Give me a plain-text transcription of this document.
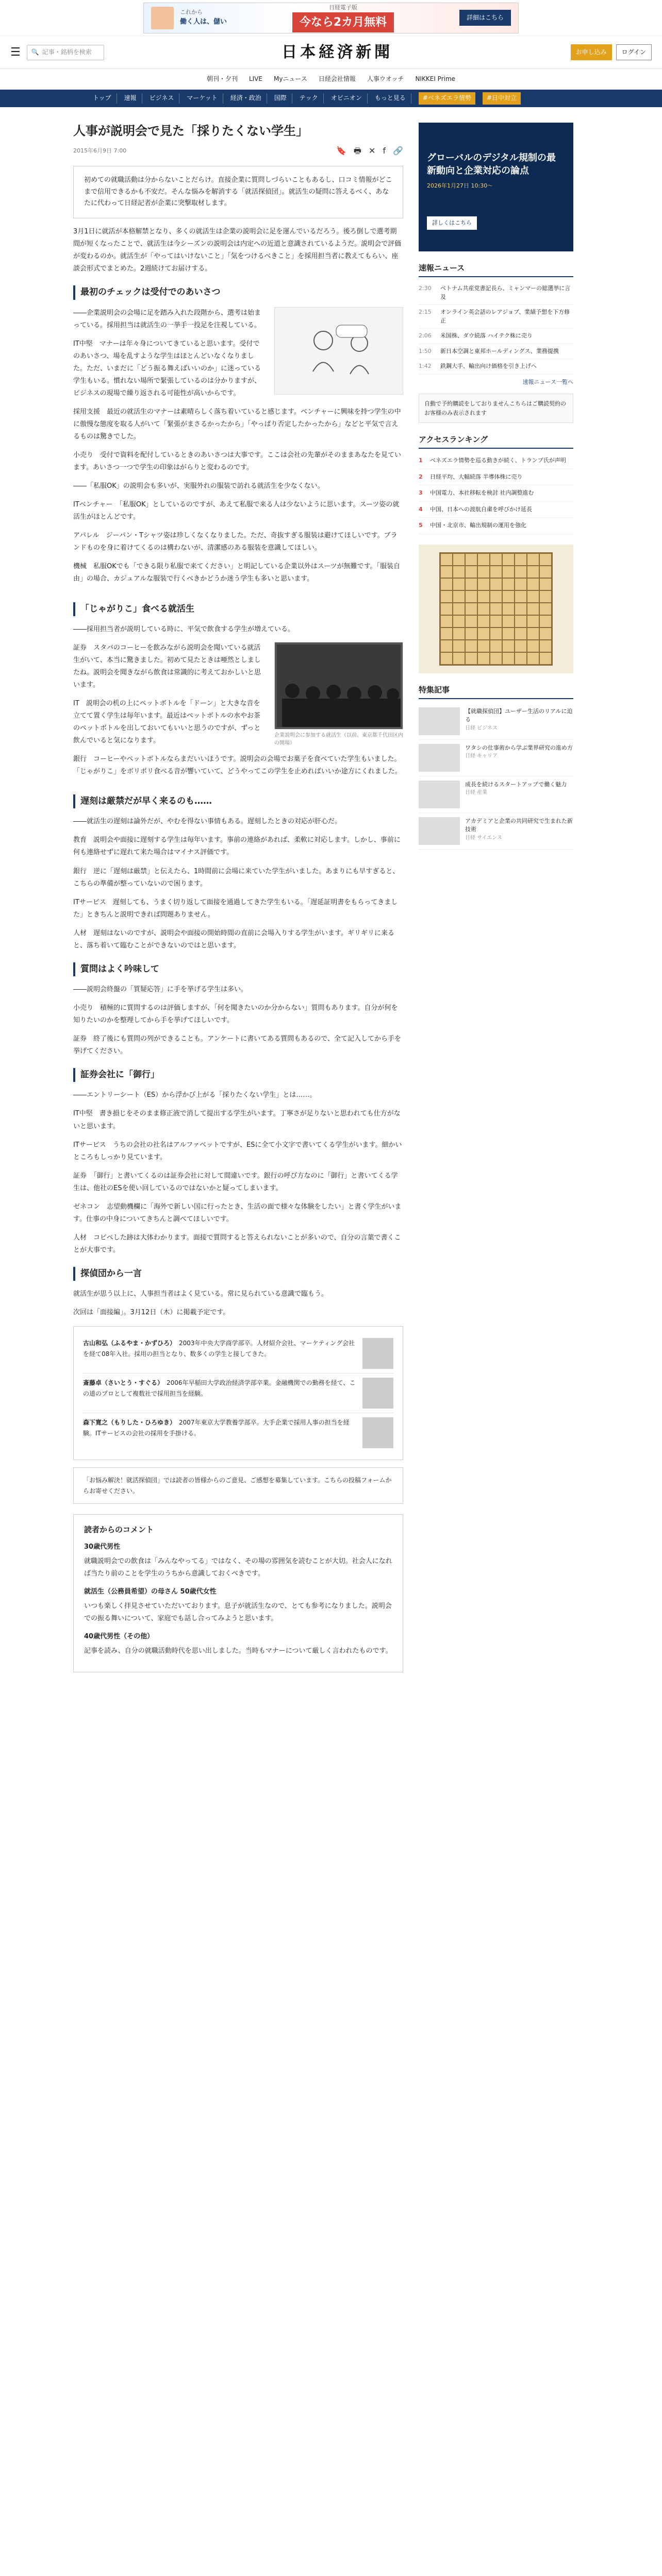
これから
働く人は、儲い
日経電子版
今なら2カ月無料	詳細はこちら
☰ 🔍 記事・銘柄を検索	日本経済新聞	お申し込み	ログイン
朝刊・夕刊 LIVE Myニュース 日経会社情報 人事ウオッチ NIKKEI Prime
トップ	速報	ビジネス	マーケット	経済・政治	国際	テック	オピニオン	もっと見る	#ベネズエラ情勢	#日中対立
人事が説明会で見た「採りたくない学生」
2015年6月9日 7:00	🔖 🖶 ✕ f 🔗
初めての就職活動は分からないことだらけ。直接企業に質問しづらいこともあるし、口コミ情報がどこまで信用できるかも不安だ。そんな悩みを解消する「就活探偵団」。就活生の疑問に答えるべく、あなたに代わって日経記者が企業に突撃取材します。

3月1日に就活が本格解禁となり、多くの就活生は企業の説明会に足を運んでいるだろう。後ろ倒しで選考期間が短くなったことで、就活生は今シーズンの説明会は内定への近道と意識されているようだ。説明会で評価が変わるのか。就活生が「やってはいけないこと」「気をつけるべきこと」を採用担当者に教えてもらい、座談会形式でまとめた。2週続けてお届けする。

最初のチェックは受付でのあいさつ

――企業説明会の会場に足を踏み入れた段階から、選考は始まっている。採用担当は就活生の一挙手一投足を注視している。

IT中堅　マナーは年々身についてきていると思います。受付でのあいさつ、場を乱すような学生はほとんどいなくなりました。ただ、いまだに「どう振る舞えばいいのか」に迷っている学生もいる。慣れない場所で緊張しているのは分かりますが、ビジネスの現場で繰り返される可能性が高いからです。

採用支援　最近の就活生のマナーは素晴らしく落ち着いていると感じます。ベンチャーに興味を持つ学生の中に傲慢な態度を取る人がいて「緊張がまさるかったから」「やっぱり否定したかったから」などと平気で言えるものは驚きでした。

小売り　受付で資料を配付しているときのあいさつは大事です。ここは会社の先輩がそのままあなたを見ています。あいさつ一つで学生の印象はがらりと変わるのです。

――「私服OK」の説明会も多いが、実服外れの服装で訪れる就活生を少なくない。

ITベンチャー　「私服OK」としているのですが、あえて私服で来る人は少ないように思います。スーツ姿の就活生がほとんどです。

アパレル　ジーパン・Tシャツ姿は珍しくなくなりました。ただ、奇抜すぎる服装は避けてほしいです。ブランドものを身に着けてくるのは構わないが、清潔感のある服装を意識してほしい。

機械　私服OKでも「できる限り私服で来てください」と明記している企業以外はスーツが無難です。「服装自由」の場合、カジュアルな服装で行くべきかどうか迷う学生も多いと思います。

「じゃがりこ」食べる就活生

――採用担当者が説明している時に、平気で飲食する学生が増えている。

企業説明会に参加する就活生（以前、東京都千代田区内の開場）

証券　スタバのコーヒーを飲みながら説明会を聞いている就活生がいて、本当に驚きました。初めて見たときは唖然としましたね。説明会を聞きながら飲食は常識的に考えておかしいと思います。

IT　説明会の机の上にペットボトルを「ドーン」と大きな音を立てて置く学生は毎年います。最近はペットボトルの水やお茶のペットボトルを出しておいてもいいと思うのですが、ずっと飲んでいると気になります。

銀行　コーヒーやペットボトルならまだいいほうです。説明会の会場でお菓子を食べていた学生もいました。「じゃがりこ」をボリボリ食べる音が響いていて、どうやってこの学生を止めればいいか途方にくれました。

遅刻は厳禁だが早く来るのも……

――就活生の遅刻は論外だが、やむを得ない事情もある。遅刻したときの対応が肝心だ。

教育　説明会や面接に遅刻する学生は毎年います。事前の連絡があれば、柔軟に対応します。しかし、事前に何も連絡せずに遅れて来た場合はマイナス評価です。

銀行　逆に「遅刻は厳禁」と伝えたら、1時間前に会場に来ていた学生がいました。あまりにも早すぎると、こちらの準備が整っていないので困ります。

ITサービス　遅刻しても、うまく切り返して面接を通過してきた学生もいる。「遅延証明書をもらってきました」ときちんと説明できれば問題ありません。

人材　遅刻はないのですが、説明会や面接の開始時間の直前に会場入りする学生がいます。ギリギリに来ると、落ち着いて臨むことができないのではと思います。

質問はよく吟味して

――説明会終盤の「質疑応答」に手を挙げる学生は多い。

小売り　積極的に質問するのは評価しますが、「何を聞きたいのか分からない」質問もあります。自分が何を知りたいのかを整理してから手を挙げてほしいです。

証券　終了後にも質問の列ができることも。アンケートに書いてある質問もあるので、全て記入してから手を挙げてください。

証券会社に「御行」

――エントリーシート（ES）から浮かび上がる「採りたくない学生」とは……。

IT中堅　書き損じをそのまま修正液で消して提出する学生がいます。丁寧さが足りないと思われても仕方がないと思います。

ITサービス　うちの会社の社名はアルファベットですが、ESに全て小文字で書いてくる学生がいます。細かいところもしっかり見ています。

証券　「御行」と書いてくるのは証券会社に対して間違いです。銀行の呼び方なのに「御行」と書いてくる学生は、他社のESを使い回しているのではないかと疑ってしまいます。

ゼネコン　志望動機欄に「海外で新しい国に行ったとき、生活の面で様々な体験をしたい」と書く学生がいます。仕事の中身についてきちんと調べてほしいです。

人材　コピペした跡は大体わかります。面接で質問すると答えられないことが多いので、自分の言葉で書くことが大事です。

探偵団から一言

就活生が思う以上に、人事担当者はよく見ている。常に見られている意識で臨もう。

次回は「面接編」。3月12日（木）に掲載予定です。

古山和弘（ふるやま・かずひろ）　 2003年中央大学商学部卒。人材紹介会社、マーケティング会社を経て08年入社。採用の担当となり、数多くの学生と接してきた。
斎藤卓（さいとう・すぐる）　 2006年早稲田大学政治経済学部卒業。金融機関での勤務を経て、この道のプロとして複数社で採用担当を経験。
森下寛之（もりした・ひろゆき）　 2007年東京大学教養学部卒。大手企業で採用人事の担当を経験。ITサービスの会社の採用を手掛ける。
「お悩み解決！就活探偵団」では読者の皆様からのご意見、ご感想を募集しています。こちらの投稿フォームからお寄せください。
読者からのコメント
30歳代男性

就職説明会での飲食は「みんなやってる」ではなく、その場の雰囲気を読むことが大切。社会人になれば当たり前のことを学生のうちから意識しておくべきです。

就活生（公務員希望）の母さん 50歳代女性

いつも楽しく拝見させていただいております。息子が就活生なので、とても参考になりました。説明会での振る舞いについて、家庭でも話し合ってみようと思います。

40歳代男性（その他）

記事を読み、自分の就職活動時代を思い出しました。当時もマナーについて厳しく言われたものです。

グローバルのデジタル規制の最新動向と企業対応の論点
2026年1月27日 10:30〜
詳しくはこちら
速報ニュース
2:30	ベトナム共産党書記長ら、ミャンマーの総選挙に言及
2:15	オンライン英会話のレアジョブ、業績予想を下方修正
2:06	米国株、ダウ続落 ハイテク株に売り
1:50	新日本空調と東邦ホールディングス、業務提携
1:42	鉄鋼大手、輸出向け価格を引き上げへ
速報ニュース一覧へ
自動で予約購読をしておりませんこちらはご購読契約のお客様のみ表示されます
アクセスランキング
1	ベネズエラ情勢を巡る動きが続く、トランプ氏が声明
2	日経平均、大幅続落 半導体株に売り
3	中国電力、本社移転を検討 社内調整進む
4	中国、日本への渡航自粛を呼びかけ延長
5	中国・北京市、輸出規制の運用を強化
特集記事
【就職探偵団】ユーザー生活のリアルに迫る
日経 ビジネス
ワタシの仕事術から学ぶ業界研究の進め方
日経 キャリア
成長を続けるスタートアップで働く魅力
日経 産業
アカデミアと企業の共同研究で生まれた新技術
日経 サイエンス
